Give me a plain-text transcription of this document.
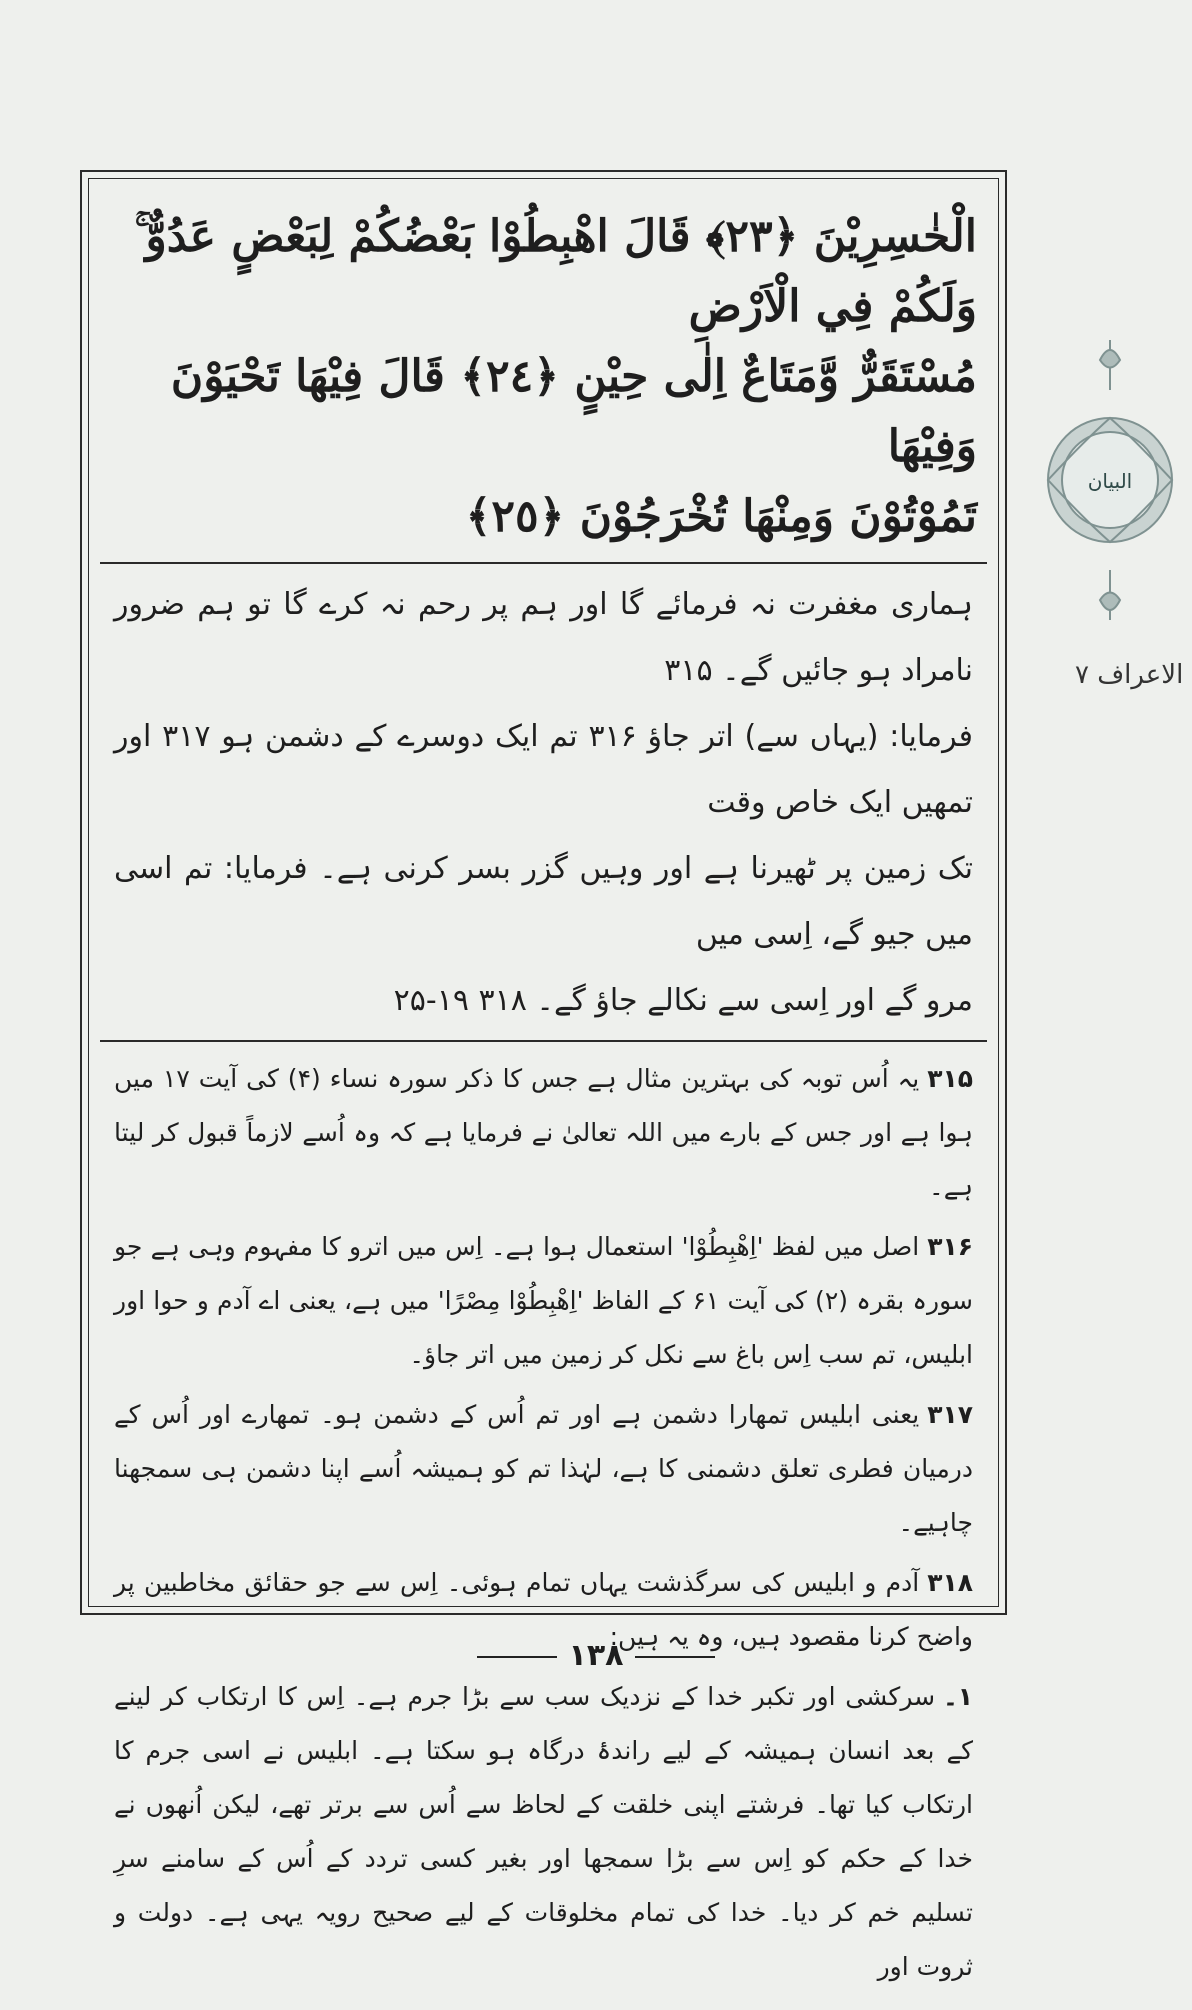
الْخٰسِرِيْنَ ﴿٢٣﴾ قَالَ اهْبِطُوْا بَعْضُكُمْ لِبَعْضٍ عَدُوٌّ ۚ وَلَكُمْ فِي الْاَرْضِ
مُسْتَقَرٌّ وَّمَتَاعٌ اِلٰى حِيْنٍ ﴿٢٤﴾ قَالَ فِيْهَا تَحْيَوْنَ وَفِيْهَا
تَمُوْتُوْنَ وَمِنْهَا تُخْرَجُوْنَ ﴿٢٥﴾
ہماری مغفرت نہ فرمائے گا اور ہم پر رحم نہ کرے گا تو ہم ضرور نامراد ہو جائیں گے۔ ۳۱۵
فرمایا: (یہاں سے) اتر جاؤ ۳۱۶ تم ایک دوسرے کے دشمن ہو ۳۱۷ اور تمھیں ایک خاص وقت
تک زمین پر ٹھیرنا ہے اور وہیں گزر بسر کرنی ہے۔ فرمایا: تم اسی میں جیو گے، اِسی میں
مرو گے اور اِسی سے نکالے جاؤ گے۔ ۳۱۸ ۱۹-۲۵

۳۱۵یہ اُس توبہ کی بہترین مثال ہے جس کا ذکر سورہ نساء (۴) کی آیت ۱۷ میں ہوا ہے اور جس کے بارے میں اللہ تعالیٰ نے فرمایا ہے کہ وہ اُسے لازماً قبول کر لیتا ہے۔

۳۱۶اصل میں لفظ 'اِهْبِطُوْا' استعمال ہوا ہے۔ اِس میں اترو کا مفہوم وہی ہے جو سورہ بقرہ (۲) کی آیت ۶۱ کے الفاظ 'اِهْبِطُوْا مِصْرًا' میں ہے، یعنی اے آدم و حوا اور ابلیس، تم سب اِس باغ سے نکل کر زمین میں اتر جاؤ۔

۳۱۷یعنی ابلیس تمھارا دشمن ہے اور تم اُس کے دشمن ہو۔ تمھارے اور اُس کے درمیان فطری تعلق دشمنی کا ہے، لہٰذا تم کو ہمیشہ اُسے اپنا دشمن ہی سمجھنا چاہیے۔

۳۱۸آدم و ابلیس کی سرگذشت یہاں تمام ہوئی۔ اِس سے جو حقائق مخاطبین پر واضح کرنا مقصود ہیں، وہ یہ ہیں:

۱۔سرکشی اور تکبر خدا کے نزدیک سب سے بڑا جرم ہے۔ اِس کا ارتکاب کر لینے کے بعد انسان ہمیشہ کے لیے راندۂ درگاہ ہو سکتا ہے۔ ابلیس نے اسی جرم کا ارتکاب کیا تھا۔ فرشتے اپنی خلقت کے لحاظ سے اُس سے برتر تھے، لیکن اُنھوں نے خدا کے حکم کو اِس سے بڑا سمجھا اور بغیر کسی تردد کے اُس کے سامنے سرِ تسلیم خم کر دیا۔ خدا کی تمام مخلوقات کے لیے صحیح رویہ یہی ہے۔ دولت و ثروت اور

البيان
الاعراف ٧
۱۳۸
